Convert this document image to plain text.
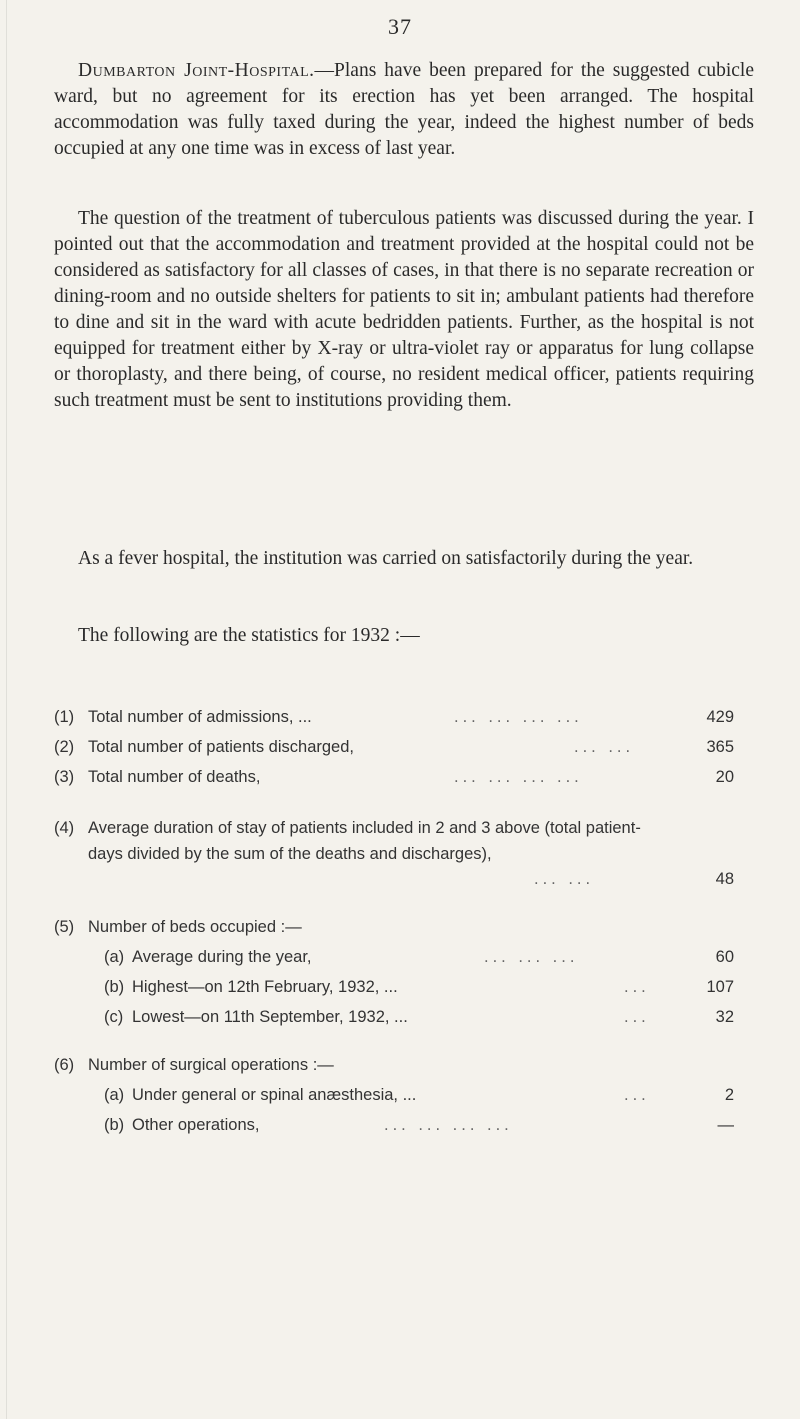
37

Dumbarton Joint-Hospital.—Plans have been prepared for the suggested cubicle ward, but no agreement for its erection has yet been arranged. The hospital accommodation was fully taxed during the year, indeed the highest number of beds occupied at any one time was in excess of last year.

The question of the treatment of tuberculous patients was discussed during the year. I pointed out that the accommodation and treatment provided at the hospital could not be considered as satisfactory for all classes of cases, in that there is no separate recreation or dining-room and no outside shelters for patients to sit in; ambulant patients had therefore to dine and sit in the ward with acute bedridden patients. Further, as the hospital is not equipped for treatment either by X-ray or ultra-violet ray or apparatus for lung collapse or thoroplasty, and there being, of course, no resident medical officer, patients requiring such treatment must be sent to institutions providing them.

As a fever hospital, the institution was carried on satisfactorily during the year.

The following are the statistics for 1932 :—

(1) Total number of admissions, ...	... ... ... ...	429
(2) Total number of patients discharged,	... ...	365
(3) Total number of deaths,	... ... ... ...	20
(4) Average duration of stay of patients included in 2 and 3 above (total patient-days divided by the sum of the deaths and discharges),
... ...	48
(5) Number of beds occupied :—
(a) Average during the year,	... ... ...	60
(b) Highest—on 12th February, 1932, ...	...	107
(c) Lowest—on 11th September, 1932, ...	...	32
(6) Number of surgical operations :—
(a) Under general or spinal anæsthesia, ...	...	2
(b) Other operations,	... ... ... ...	—
